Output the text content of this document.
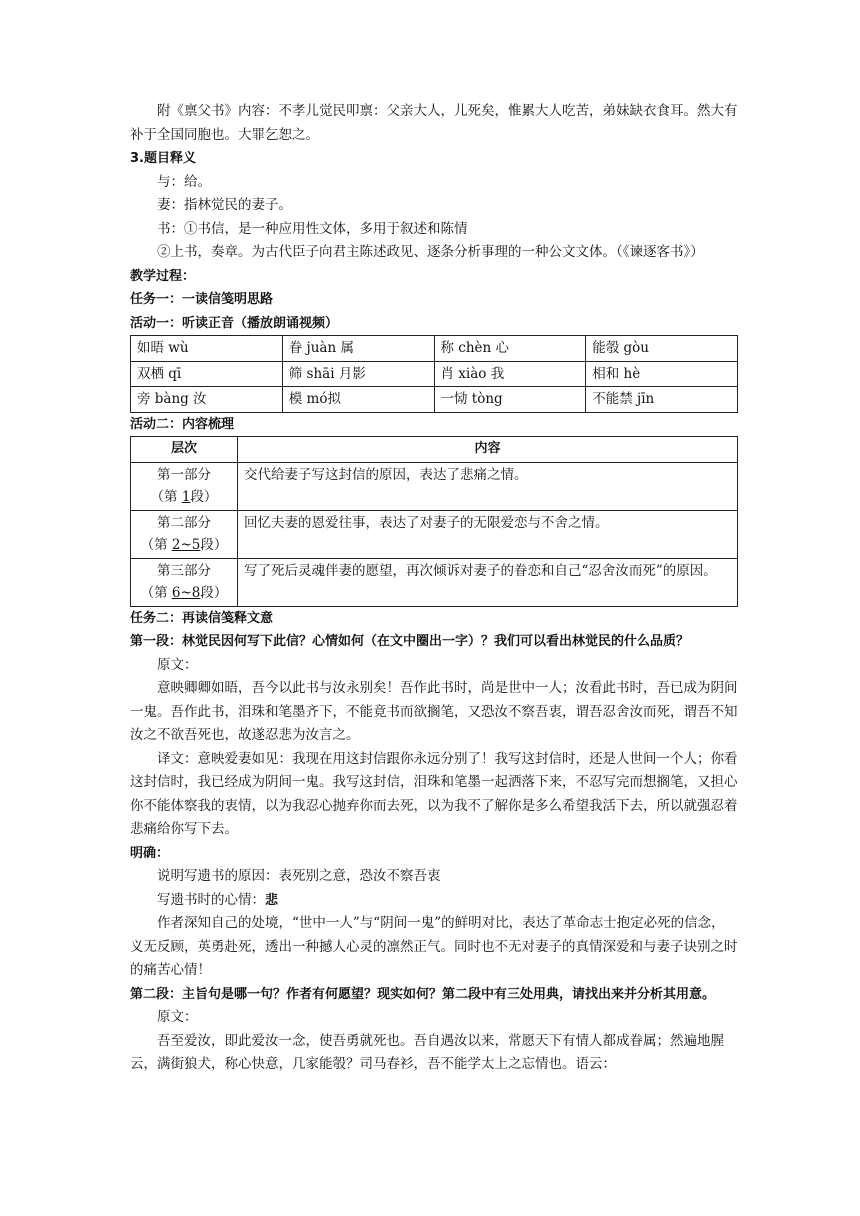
附《禀父书》内容：不孝儿觉民叩禀：父亲大人，儿死矣，惟累大人吃苦，弟妹缺衣食耳。然大有补于全国同胞也。大罪乞恕之。

3.题目释义

与：给。

妻：指林觉民的妻子。

书：①书信，是一种应用性文体，多用于叙述和陈情

②上书，奏章。为古代臣子向君主陈述政见、逐条分析事理的一种公文文体。（《谏逐客书》）

教学过程：

任务一：一读信笺明思路

活动一：听读正音（播放朗诵视频）

如晤 wù	眷 juàn 属	称 chèn 心	能彀 gòu
双栖 qī	筛 shāi 月影	肖 xiào 我	相和 hè
旁 bàng 汝	模 mó拟	一恸 tòng	不能禁 jīn

活动二：内容梳理

层次	内容

第一部分
（第 1段）	交代给妻子写这封信的原因，表达了悲痛之情。

第二部分
（第 2~5段）	回忆夫妻的恩爱往事，表达了对妻子的无限爱恋与不舍之情。

第三部分
（第 6~8段）	写了死后灵魂伴妻的愿望，再次倾诉对妻子的眷恋和自己“忍舍汝而死”的原因。

任务二：再读信笺释文意

第一段：林觉民因何写下此信？心情如何（在文中圈出一字）？我们可以看出林觉民的什么品质？

原文：

意映卿卿如晤，吾今以此书与汝永别矣！吾作此书时，尚是世中一人；汝看此书时，吾已成为阴间一鬼。吾作此书，泪珠和笔墨齐下，不能竟书而欲搁笔，又恐汝不察吾衷，谓吾忍舍汝而死，谓吾不知汝之不欲吾死也，故遂忍悲为汝言之。

译文：意映爱妻如见：我现在用这封信跟你永远分别了！我写这封信时，还是人世间一个人；你看这封信时，我已经成为阴间一鬼。我写这封信，泪珠和笔墨一起洒落下来，不忍写完而想搁笔，又担心你不能体察我的衷情，以为我忍心抛弃你而去死，以为我不了解你是多么希望我活下去，所以就强忍着悲痛给你写下去。

明确：

说明写遗书的原因：表死别之意，恐汝不察吾衷

写遗书时的心情：悲

作者深知自己的处境，“世中一人”与“阴间一鬼”的鲜明对比，表达了革命志士抱定必死的信念，义无反顾，英勇赴死，透出一种撼人心灵的凛然正气。同时也不无对妻子的真情深爱和与妻子诀别之时的痛苦心情！

第二段：主旨句是哪一句？作者有何愿望？现实如何？第二段中有三处用典，请找出来并分析其用意。

原文：

吾至爱汝，即此爱汝一念，使吾勇就死也。吾自遇汝以来，常愿天下有情人都成眷属；然遍地腥云，满街狼犬，称心快意，几家能彀？司马春衫，吾不能学太上之忘情也。语云：
